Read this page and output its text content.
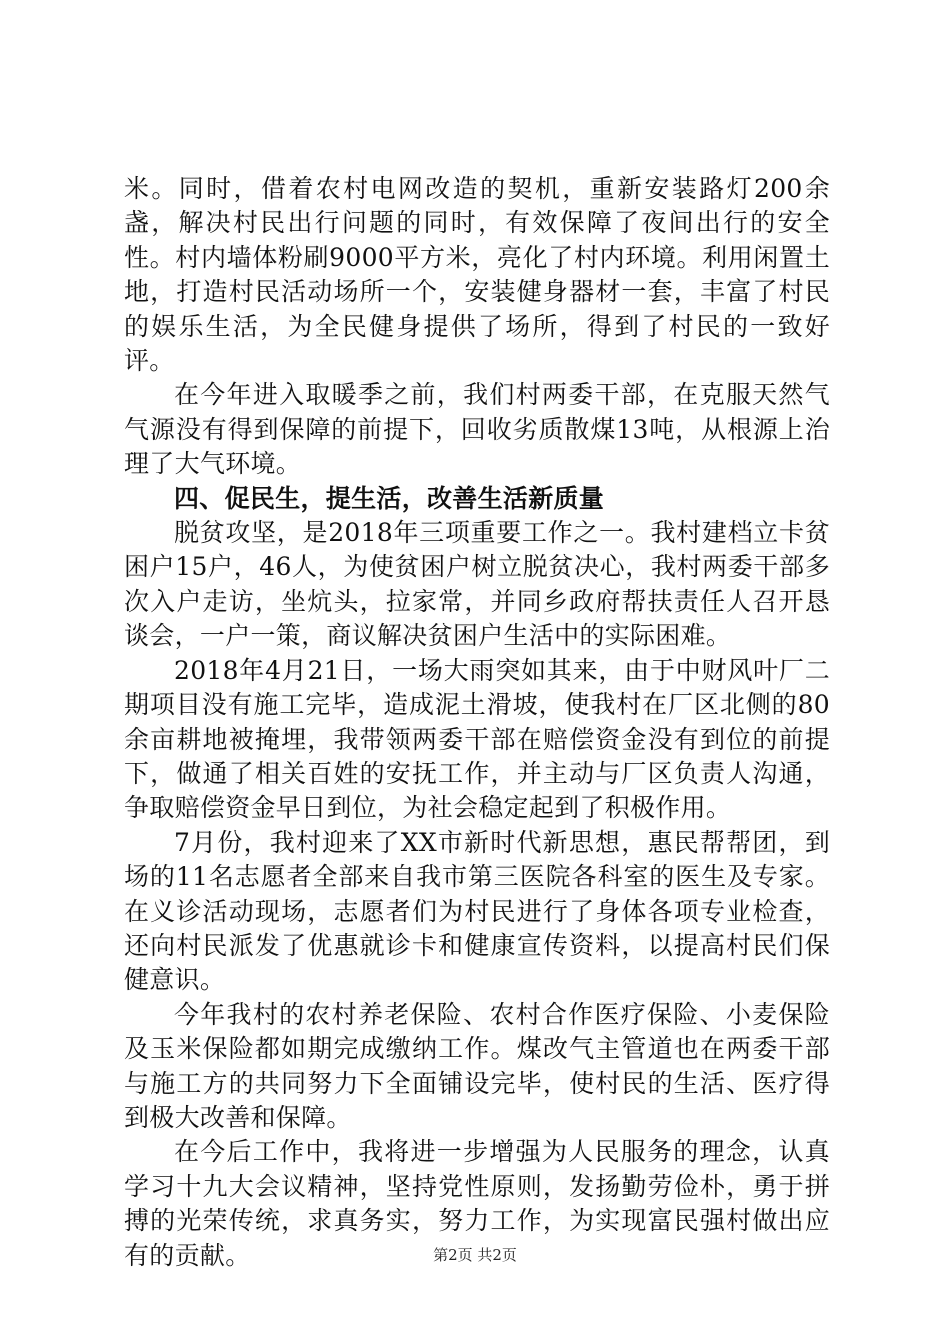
米。同时，借着农村电网改造的契机，重新安装路灯200余盏，解决村民出行问题的同时，有效保障了夜间出行的安全性。村内墙体粉刷9000平方米，亮化了村内环境。利用闲置土地，打造村民活动场所一个，安装健身器材一套，丰富了村民的娱乐生活，为全民健身提供了场所，得到了村民的一致好评。

在今年进入取暖季之前，我们村两委干部，在克服天然气气源没有得到保障的前提下，回收劣质散煤13吨，从根源上治理了大气环境。

四、促民生，提生活，改善生活新质量

脱贫攻坚，是2018年三项重要工作之一。我村建档立卡贫困户15户，46人，为使贫困户树立脱贫决心，我村两委干部多次入户走访，坐炕头，拉家常，并同乡政府帮扶责任人召开恳谈会，一户一策，商议解决贫困户生活中的实际困难。

2018年4月21日，一场大雨突如其来，由于中财风叶厂二期项目没有施工完毕，造成泥土滑坡，使我村在厂区北侧的80余亩耕地被掩埋，我带领两委干部在赔偿资金没有到位的前提下，做通了相关百姓的安抚工作，并主动与厂区负责人沟通，争取赔偿资金早日到位，为社会稳定起到了积极作用。

7月份，我村迎来了XX市新时代新思想，惠民帮帮团，到场的11名志愿者全部来自我市第三医院各科室的医生及专家。在义诊活动现场，志愿者们为村民进行了身体各项专业检查，还向村民派发了优惠就诊卡和健康宣传资料，以提高村民们保健意识。

今年我村的农村养老保险、农村合作医疗保险、小麦保险及玉米保险都如期完成缴纳工作。煤改气主管道也在两委干部与施工方的共同努力下全面铺设完毕，使村民的生活、医疗得到极大改善和保障。

在今后工作中，我将进一步增强为人民服务的理念，认真学习十九大会议精神，坚持党性原则，发扬勤劳俭朴，勇于拼搏的光荣传统，求真务实，努力工作，为实现富民强村做出应有的贡献。	第2页 共2页
